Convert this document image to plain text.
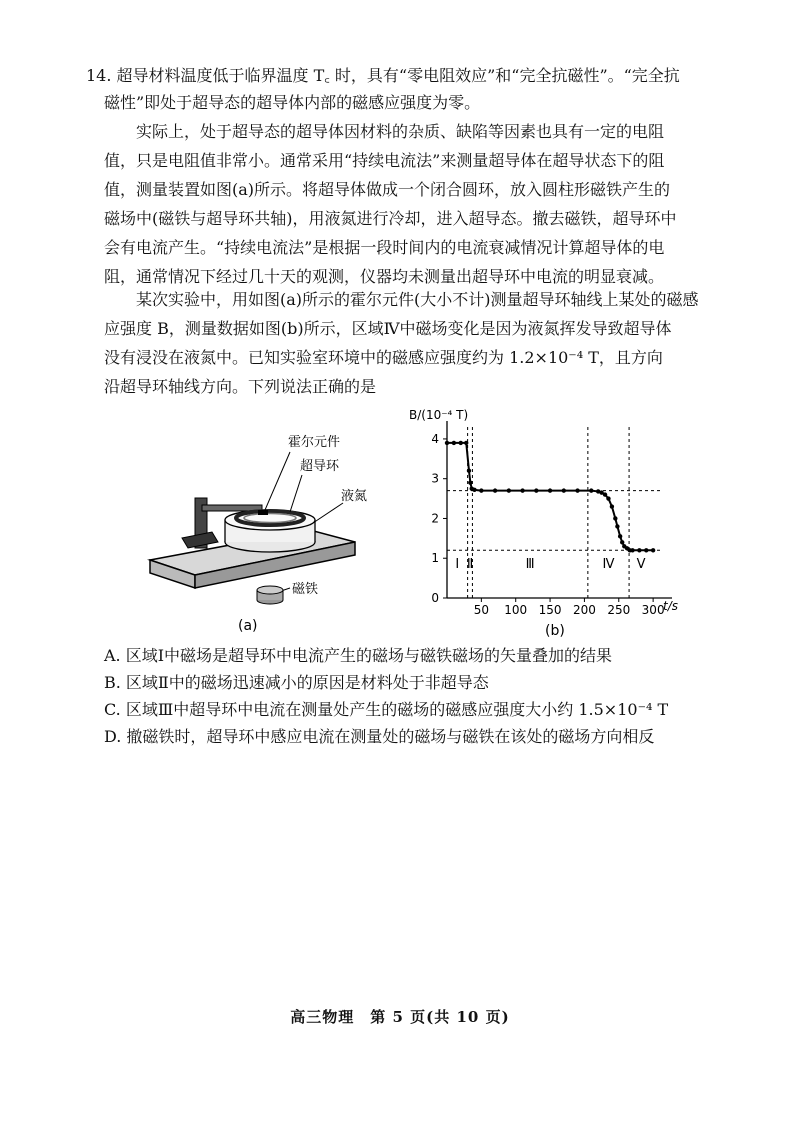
14. 超导材料温度低于临界温度 T꜀ 时，具有“零电阻效应”和“完全抗磁性”。“完全抗
磁性”即处于超导态的超导体内部的磁感应强度为零。
实际上，处于超导态的超导体因材料的杂质、缺陷等因素也具有一定的电阻
值，只是电阻值非常小。通常采用“持续电流法”来测量超导体在超导状态下的阻
值，测量装置如图(a)所示。将超导体做成一个闭合圆环，放入圆柱形磁铁产生的
磁场中(磁铁与超导环共轴)，用液氮进行冷却，进入超导态。撤去磁铁，超导环中
会有电流产生。“持续电流法”是根据一段时间内的电流衰减情况计算超导体的电
阻，通常情况下经过几十天的观测，仪器均未测量出超导环中电流的明显衰减。
某次实验中，用如图(a)所示的霍尔元件(大小不计)测量超导环轴线上某处的磁感
应强度 B，测量数据如图(b)所示，区域Ⅳ中磁场变化是因为液氮挥发导致超导体
没有浸没在液氮中。已知实验室环境中的磁感应强度约为 1.2×10⁻⁴ T，且方向
沿超导环轴线方向。下列说法正确的是
霍尔元件
超导环
液氮
磁铁
(a)
0
1
2
3
4
50 100 150 200 250 300
Ⅰ Ⅱ	Ⅲ	Ⅳ Ⅴ
B/(10⁻⁴ T)
t/s
(b)
A. 区域Ⅰ中磁场是超导环中电流产生的磁场与磁铁磁场的矢量叠加的结果
B. 区域Ⅱ中的磁场迅速减小的原因是材料处于非超导态
C. 区域Ⅲ中超导环中电流在测量处产生的磁场的磁感应强度大小约 1.5×10⁻⁴ T
D. 撤磁铁时，超导环中感应电流在测量处的磁场与磁铁在该处的磁场方向相反
高三物理　第 5 页(共 10 页)
